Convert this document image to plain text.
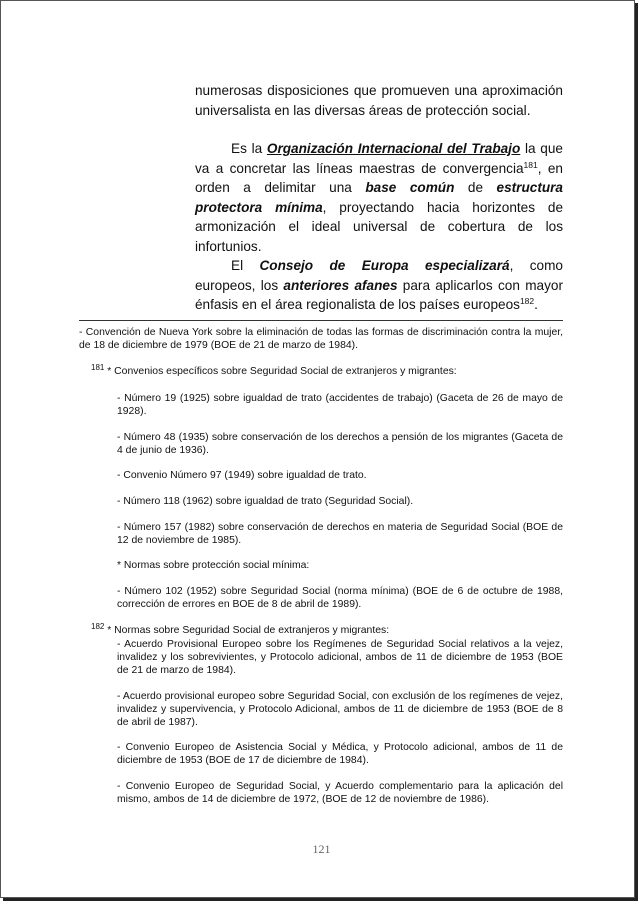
numerosas disposiciones que promueven una aproximación universalista en las diversas áreas de protección social.

Es la Organización Internacional del Trabajo la que va a concretar las líneas maestras de convergencia$^{181}$, en orden a delimitar una base común de estructura protectora mínima, proyectando hacia horizontes de armonización el ideal universal de cobertura de los infortunios.

El Consejo de Europa especializará, como europeos, los anteriores afanes para aplicarlos con mayor énfasis en el área regionalista de los países europeos$^{182}$.

- Convención de Nueva York sobre la eliminación de todas las formas de discriminación contra la mujer, de 18 de diciembre de 1979 (BOE de 21 de marzo de 1984).
$^{181}$ * Convenios específicos sobre Seguridad Social de extranjeros y migrantes:
- Número 19 (1925) sobre igualdad de trato (accidentes de trabajo) (Gaceta de 26 de mayo de 1928).
- Número 48 (1935) sobre conservación de los derechos a pensión de los migrantes (Gaceta de 4 de junio de 1936).
- Convenio Número 97 (1949) sobre igualdad de trato.
- Número 118 (1962) sobre igualdad de trato (Seguridad Social).
- Número 157 (1982) sobre conservación de derechos en materia de Seguridad Social (BOE de 12 de noviembre de 1985).
* Normas sobre protección social mínima:
- Número 102 (1952) sobre Seguridad Social (norma mínima) (BOE de 6 de octubre de 1988, corrección de errores en BOE de 8 de abril de 1989).
$^{182}$ * Normas sobre Seguridad Social de extranjeros y migrantes:
- Acuerdo Provisional Europeo sobre los Regímenes de Seguridad Social relativos a la vejez, invalidez y los sobrevivientes, y Protocolo adicional, ambos de 11 de diciembre de 1953 (BOE de 21 de marzo de 1984).
- Acuerdo provisional europeo sobre Seguridad Social, con exclusión de los regímenes de vejez, invalidez y supervivencia, y Protocolo Adicional, ambos de 11 de diciembre de 1953 (BOE de 8 de abril de 1987).
- Convenio Europeo de Asistencia Social y Médica, y Protocolo adicional, ambos de 11 de diciembre de 1953 (BOE de 17 de diciembre de 1984).
- Convenio Europeo de Seguridad Social, y Acuerdo complementario para la aplicación del mismo, ambos de 14 de diciembre de 1972, (BOE de 12 de noviembre de 1986).
121
